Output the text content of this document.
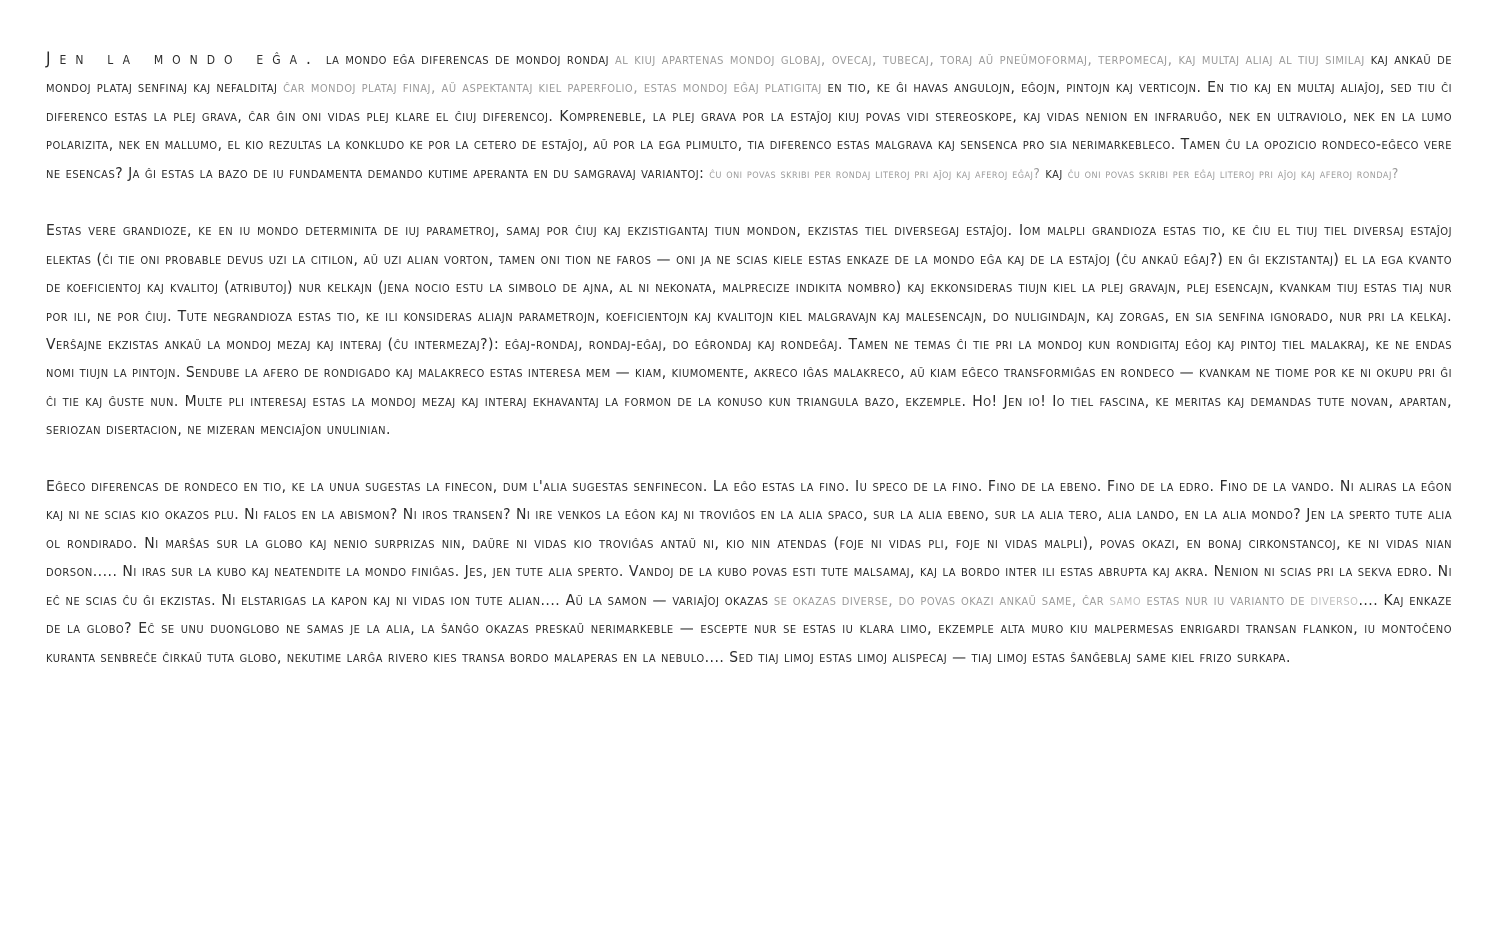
Jen la mondo eĝa. la mondo eĝa diferencas de mondoj rondaj al kiuj apartenas mondoj globaj, ovecaj, tubecaj, toraj aŭ pneŭmoformaj, terpomecaj, kaj multaj aliaj al tiuj similaj kaj ankaŭ de mondoj plataj senfinaj kaj nefalditaj ĉar mondoj plataj finaj, aŭ aspektantaj kiel paperfolio, estas mondoj eĝaj platigitaj en tio, ke ĝi havas angulojn, eĝojn, pintojn kaj verticojn. En tio kaj en multaj aliaĵoj, sed tiu ĉi diferenco estas la plej grava, ĉar ĝin oni vidas plej klare el ĉiuj diferencoj. Kompreneble, la plej grava por la estaĵoj kiuj povas vidi stereoskope, kaj vidas nenion en infraruĝo, nek en ultraviolo, nek en la lumo polarizita, nek en mallumo, el kio rezultas la konkludo ke por la cetero de estaĵoj, aŭ por la ega plimulto, tia diferenco estas malgrava kaj sensenca pro sia nerimarkebleco. Tamen ĉu la opozicio rondeco-eĝeco vere ne esencas? Ja ĝi estas la bazo de iu fundamenta demando kutime aperanta en du samgravaj variantoj: ĉu oni povas skribi per rondaj literoj pri aĵoj kaj aferoj eĝaj? kaj ĉu oni povas skribi per eĝaj literoj pri aĵoj kaj aferoj rondaj?

Estas vere grandioze, ke en iu mondo determinita de iuj parametroj, samaj por ĉiuj kaj ekzistigantaj tiun mondon, ekzistas tiel diversegaj estaĵoj. Iom malpli grandioza estas tio, ke ĉiu el tiuj tiel diversaj estaĵoj elektas (ĉi tie oni probable devus uzi la citilon, aŭ uzi alian vorton, tamen oni tion ne faros — oni ja ne scias kiele estas enkaze de la mondo eĝa kaj de la estaĵoj (ĉu ankaŭ eĝaj?) en ĝi ekzistantaj) el la ega kvanto de koeficientoj kaj kvalitoj (atributoj) nur kelkajn (jena nocio estu la simbolo de ajna, al ni nekonata, malprecize indikita nombro) kaj ekkonsideras tiujn kiel la plej gravajn, plej esencajn, kvankam tiuj estas tiaj nur por ili, ne por ĉiuj. Tute negrandioza estas tio, ke ili konsideras aliajn parametrojn, koeficientojn kaj kvalitojn kiel malgravajn kaj malesencajn, do nuligindajn, kaj zorgas, en sia senfina ignorado, nur pri la kelkaj. Verŝajne ekzistas ankaŭ la mondoj mezaj kaj interaj (ĉu intermezaj?): eĝaj-rondaj, rondaj-eĝaj, do eĝrondaj kaj rondeĝaj. Tamen ne temas ĉi tie pri la mondoj kun rondigitaj eĝoj kaj pintoj tiel malakraj, ke ne endas nomi tiujn la pintojn. Sendube la afero de rondigado kaj malakreco estas interesa mem — kiam, kiumomente, akreco iĝas malakreco, aŭ kiam eĝeco transformiĝas en rondeco — kvankam ne tiome por ke ni okupu pri ĝi ĉi tie kaj ĝuste nun. Multe pli interesaj estas la mondoj mezaj kaj interaj ekhavantaj la formon de la konuso kun triangula bazo, ekzemple. Ho! Jen io! Io tiel fascina, ke meritas kaj demandas tute novan, apartan, seriozan disertacion, ne mizeran menciaĵon unulinian.

Eĝeco diferencas de rondeco en tio, ke la unua sugestas la finecon, dum l'alia sugestas senfinecon. La eĝo estas la fino. Iu speco de la fino. Fino de la ebeno. Fino de la edro. Fino de la vando. Ni aliras la eĝon kaj ni ne scias kio okazos plu. Ni falos en la abismon? Ni iros transen? Ni ire venkos la eĝon kaj ni troviĝos en la alia spaco, sur la alia ebeno, sur la alia tero, alia lando, en la alia mondo? Jen la sperto tute alia ol rondirado. Ni marŝas sur la globo kaj nenio surprizas nin, daŭre ni vidas kio troviĝas antaŭ ni, kio nin atendas (foje ni vidas pli, foje ni vidas malpli), povas okazi, en bonaj cirkonstancoj, ke ni vidas nian dorson..... Ni iras sur la kubo kaj neatendite la mondo finiĝas. Jes, jen tute alia sperto. Vandoj de la kubo povas esti tute malsamaj, kaj la bordo inter ili estas abrupta kaj akra. Nenion ni scias pri la sekva edro. Ni eĉ ne scias ĉu ĝi ekzistas. Ni elstarigas la kapon kaj ni vidas ion tute alian.... Aŭ la samon — variaĵoj okazas se okazas diverse, do povas okazi ankaŭ same, ĉar samo estas nur iu varianto de diverso.... Kaj enkaze de la globo? Eĉ se unu duonglobo ne samas je la alia, la ŝanĝo okazas preskaŭ nerimarkeble — escepte nur se estas iu klara limo, ekzemple alta muro kiu malpermesas enrigardi transan flankon, iu montoĉeno kuranta senbreĉe ĉirkaŭ tuta globo, nekutime larĝa rivero kies transa bordo malaperas en la nebulo.... Sed tiaj limoj estas limoj alispecaj — tiaj limoj estas ŝanĝeblaj same kiel frizo surkapa.
